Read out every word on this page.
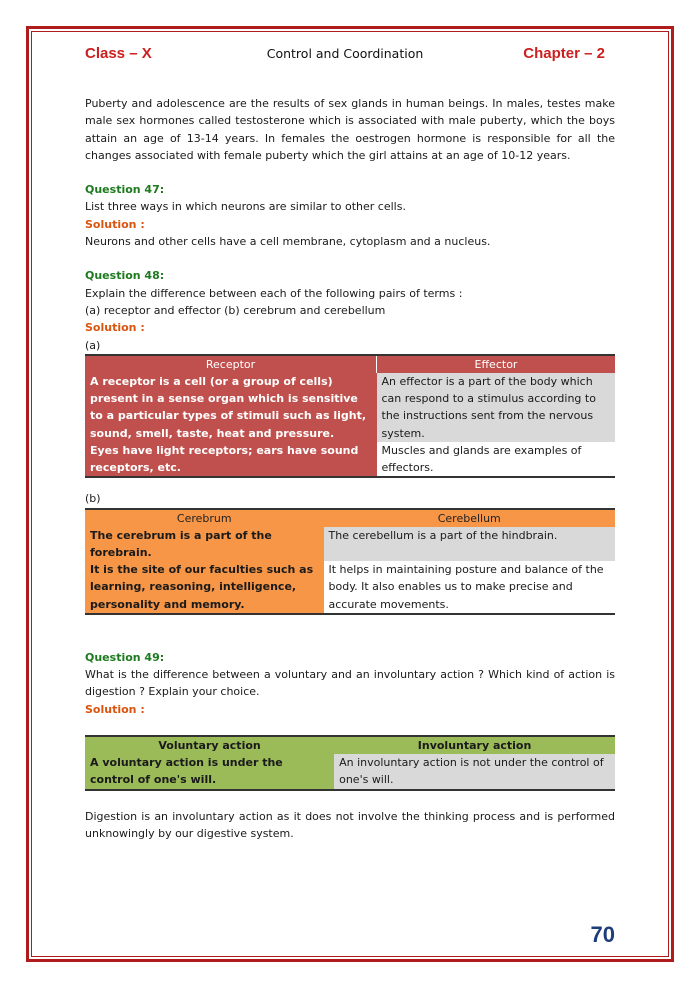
Class – X	Control and Coordination	Chapter – 2

Puberty and adolescence are the results of sex glands in human beings. In males, testes make male sex hormones called testosterone which is associated with male puberty, which the boys attain an age of 13-14 years. In females the oestrogen hormone is responsible for all the changes associated with female puberty which the girl attains at an age of 10-12 years.

Question 47:
List three ways in which neurons are similar to other cells.
Solution :
Neurons and other cells have a cell membrane, cytoplasm and a nucleus.
Question 48:
Explain the difference between each of the following pairs of terms :
(a) receptor and effector (b) cerebrum and cerebellum
Solution :
(a)
Receptor	Effector
A receptor is a cell (or a group of cells) present in a sense organ which is sensitive to a particular types of stimuli such as light, sound, smell, taste, heat and pressure.	An effector is a part of the body which can respond to a stimulus according to the instructions sent from the nervous system.
Eyes have light receptors; ears have sound receptors, etc.	Muscles and glands are examples of effectors.
(b)
Cerebrum	Cerebellum
The cerebrum is a part of the forebrain.	The cerebellum is a part of the hindbrain.
It is the site of our faculties such as learning, reasoning, intelligence, personality and memory.	It helps in maintaining posture and balance of the body. It also enables us to make precise and accurate movements.
Question 49:

What is the difference between a voluntary and an involuntary action ? Which kind of action is digestion ? Explain your choice.

Solution :
Voluntary action	Involuntary action
A voluntary action is under the control of one's will.	An involuntary action is not under the control of one's will.

Digestion is an involuntary action as it does not involve the thinking process and is performed unknowingly by our digestive system.

70
